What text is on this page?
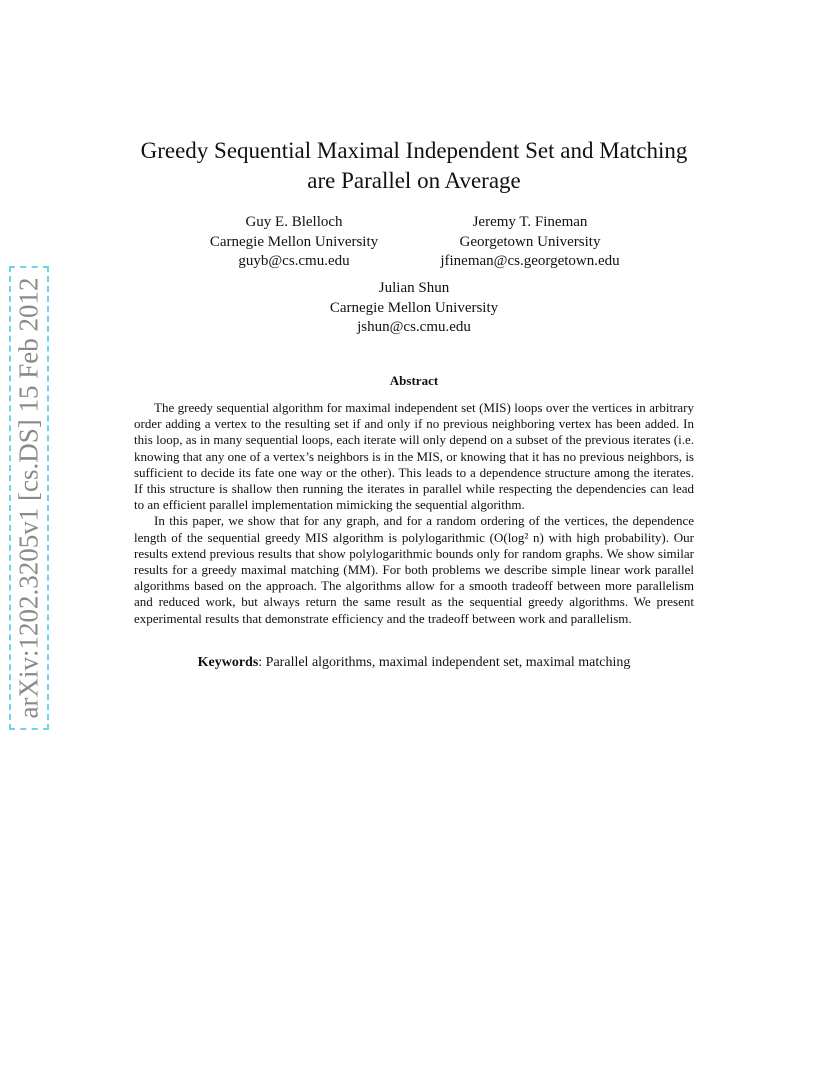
arXiv:1202.3205v1 [cs.DS] 15 Feb 2012
Greedy Sequential Maximal Independent Set and Matching
are Parallel on Average
Guy E. Blelloch
Carnegie Mellon University
guyb@cs.cmu.edu
Jeremy T. Fineman
Georgetown University
jfineman@cs.georgetown.edu
Julian Shun
Carnegie Mellon University
jshun@cs.cmu.edu
Abstract

The greedy sequential algorithm for maximal independent set (MIS) loops over the vertices in arbitrary order adding a vertex to the resulting set if and only if no previous neighboring vertex has been added. In this loop, as in many sequential loops, each iterate will only depend on a subset of the previous iterates (i.e. knowing that any one of a vertex’s neighbors is in the MIS, or knowing that it has no previous neighbors, is sufficient to decide its fate one way or the other). This leads to a dependence structure among the iterates. If this structure is shallow then running the iterates in parallel while respecting the dependencies can lead to an efficient parallel implementation mimicking the sequential algorithm.

In this paper, we show that for any graph, and for a random ordering of the vertices, the dependence length of the sequential greedy MIS algorithm is polylogarithmic (O(log² n) with high probability). Our results extend previous results that show polylogarithmic bounds only for random graphs. We show similar results for a greedy maximal matching (MM). For both problems we describe simple linear work parallel algorithms based on the approach. The algorithms allow for a smooth tradeoff between more parallelism and reduced work, but always return the same result as the sequential greedy algorithms. We present experimental results that demonstrate efficiency and the tradeoff between work and parallelism.

Keywords: Parallel algorithms, maximal independent set, maximal matching
